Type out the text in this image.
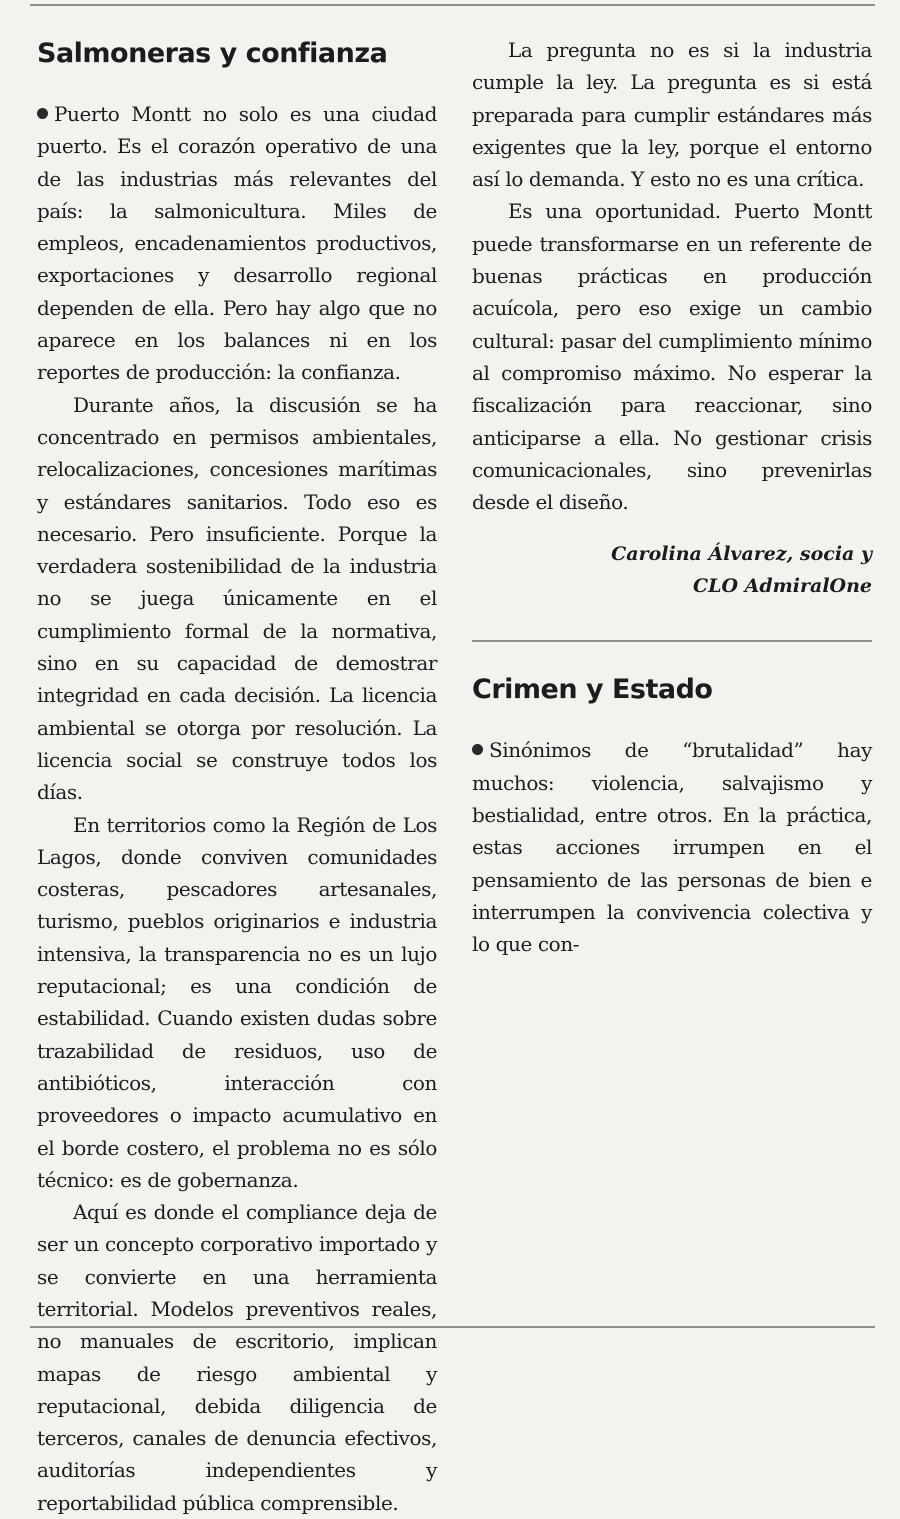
Salmoneras y confianza

Puerto Montt no solo es una ciudad puerto. Es el corazón operativo de una de las industrias más relevantes del país: la salmonicultura. Miles de empleos, encadenamientos productivos, exportaciones y desarrollo regional dependen de ella. Pero hay algo que no aparece en los balances ni en los reportes de producción: la confianza.

Durante años, la discusión se ha concentrado en permisos ambientales, relocalizaciones, concesiones marítimas y estándares sanitarios. Todo eso es necesario. Pero insuficiente. Porque la verdadera sostenibilidad de la industria no se juega únicamente en el cumplimiento formal de la normativa, sino en su capacidad de demostrar integridad en cada decisión. La licencia ambiental se otorga por resolución. La licencia social se construye todos los días.

En territorios como la Región de Los Lagos, donde conviven comunidades costeras, pescadores artesanales, turismo, pueblos originarios e industria intensiva, la transparencia no es un lujo reputacional; es una condición de estabilidad. Cuando existen dudas sobre trazabilidad de residuos, uso de antibióticos, interacción con proveedores o impacto acumulativo en el borde costero, el problema no es sólo técnico: es de gobernanza.

Aquí es donde el compliance deja de ser un concepto corporativo importado y se convierte en una herramienta territorial. Modelos preventivos reales, no manuales de escritorio, implican mapas de riesgo ambiental y reputacional, debida diligencia de terceros, canales de denuncia efectivos, auditorías independientes y reportabilidad pública comprensible.

La pregunta no es si la industria cumple la ley. La pregunta es si está preparada para cumplir estándares más exigentes que la ley, porque el entorno así lo demanda. Y esto no es una crítica.

Es una oportunidad. Puerto Montt puede transformarse en un referente de buenas prácticas en producción acuícola, pero eso exige un cambio cultural: pasar del cumplimiento mínimo al compromiso máximo. No esperar la fiscalización para reaccionar, sino anticiparse a ella. No gestionar crisis comunicacionales, sino prevenirlas desde el diseño.

Carolina Álvarez, socia y
CLO AdmiralOne
Crimen y Estado

Sinónimos de “brutalidad” hay muchos: violencia, salvajismo y bestialidad, entre otros. En la práctica, estas acciones irrumpen en el pensamiento de las personas de bien e interrumpen la convivencia colectiva y lo que con-
